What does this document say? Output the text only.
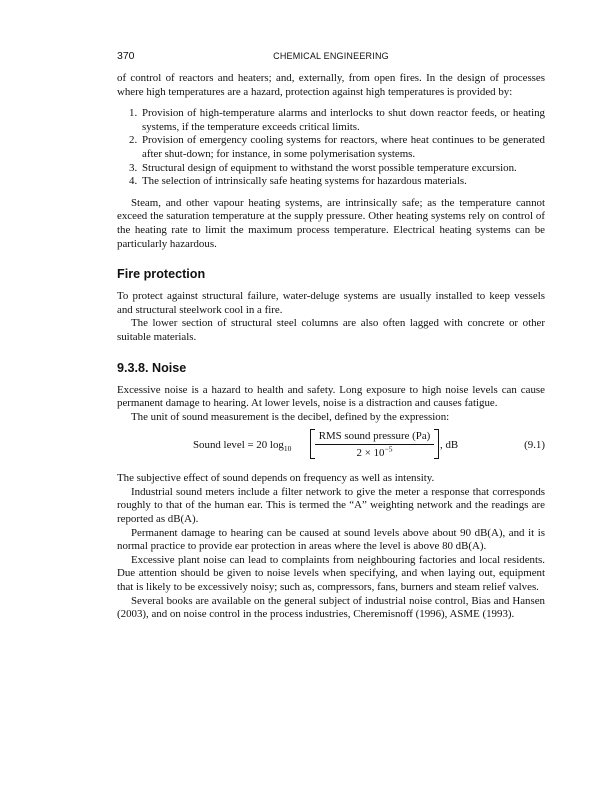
370	CHEMICAL ENGINEERING

of control of reactors and heaters; and, externally, from open fires. In the design of processes where high temperatures are a hazard, protection against high temperatures is provided by:

1. Provision of high-temperature alarms and interlocks to shut down reactor feeds, or heating systems, if the temperature exceeds critical limits.
2. Provision of emergency cooling systems for reactors, where heat continues to be generated after shut-down; for instance, in some polymerisation systems.
3. Structural design of equipment to withstand the worst possible temperature excursion.
4. The selection of intrinsically safe heating systems for hazardous materials.

Steam, and other vapour heating systems, are intrinsically safe; as the temperature cannot exceed the saturation temperature at the supply pressure. Other heating systems rely on control of the heating rate to limit the maximum process temperature. Electrical heating systems can be particularly hazardous.

Fire protection

To protect against structural failure, water-deluge systems are usually installed to keep vessels and structural steelwork cool in a fire.

The lower section of structural steel columns are also often lagged with concrete or other suitable materials.

9.3.8. Noise

Excessive noise is a hazard to health and safety. Long exposure to high noise levels can cause permanent damage to hearing. At lower levels, noise is a distraction and causes fatigue.

The unit of sound measurement is the decibel, defined by the expression:

Sound level = 20 $\log_{10}$
RMS sound pressure (Pa)
$2 \times 10^{-5}$	, dB	(9.1)

The subjective effect of sound depends on frequency as well as intensity.

Industrial sound meters include a filter network to give the meter a response that corresponds roughly to that of the human ear. This is termed the “A” weighting network and the readings are reported as dB(A).

Permanent damage to hearing can be caused at sound levels above about 90 dB(A), and it is normal practice to provide ear protection in areas where the level is above 80 dB(A).

Excessive plant noise can lead to complaints from neighbouring factories and local residents. Due attention should be given to noise levels when specifying, and when laying out, equipment that is likely to be excessively noisy; such as, compressors, fans, burners and steam relief valves.

Several books are available on the general subject of industrial noise control, Bias and Hansen (2003), and on noise control in the process industries, Cheremisnoff (1996), ASME (1993).
